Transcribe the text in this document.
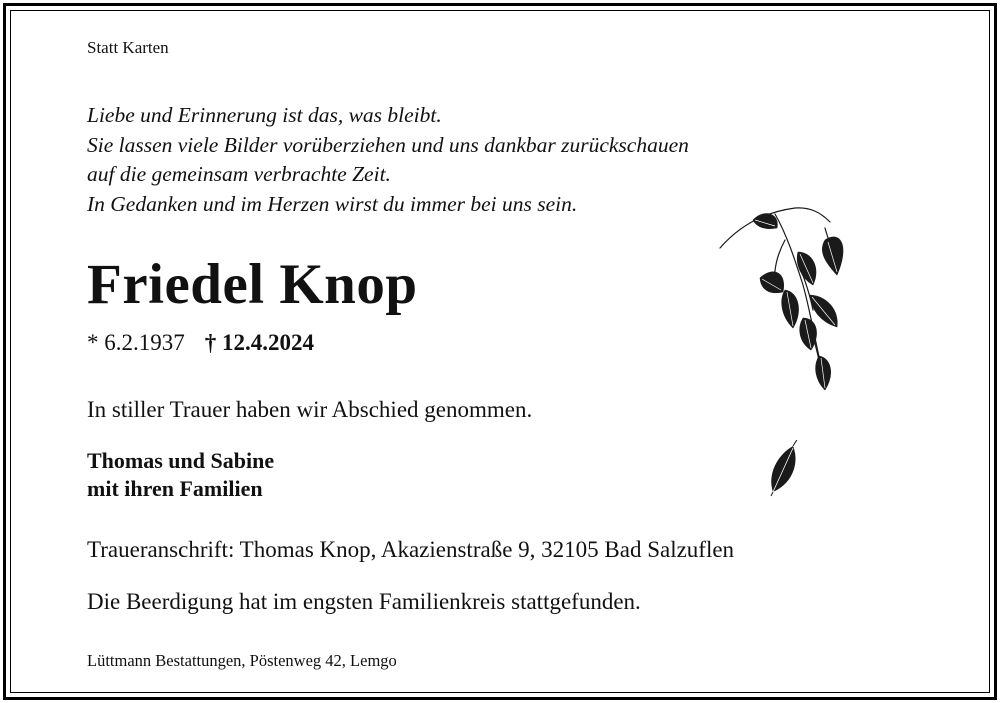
Statt Karten

Liebe und Erinnerung ist das, was bleibt.
Sie lassen viele Bilder vorüberziehen und uns dankbar zurückschauen
auf die gemeinsam verbrachte Zeit.
In Gedanken und im Herzen wirst du immer bei uns sein.
Friedel Knop

* 6.2.1937 † 12.4.2024

In stiller Trauer haben wir Abschied genommen.

Thomas und Sabine
mit ihren Familien

Traueranschrift: Thomas Knop, Akazienstraße 9, 32105 Bad Salzuflen

Die Beerdigung hat im engsten Familienkreis stattgefunden.

Lüttmann Bestattungen, Pöstenweg 42, Lemgo
